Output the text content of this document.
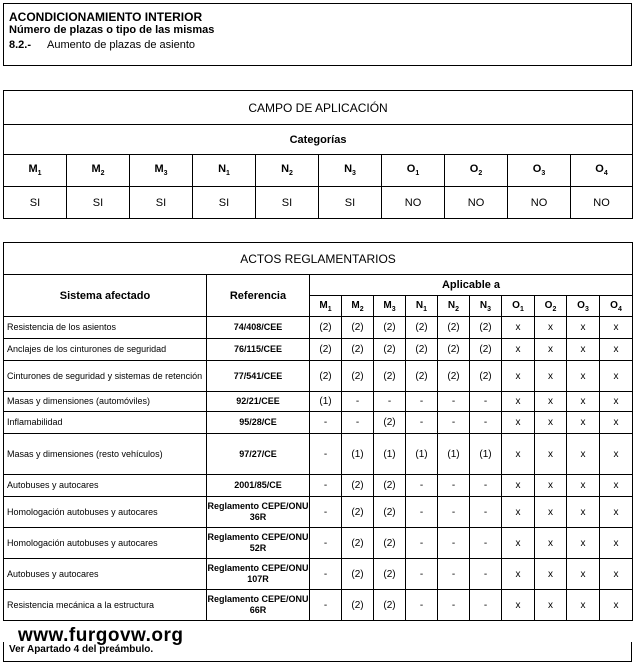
ACONDICIONAMIENTO INTERIOR
Número de plazas o tipo de las mismas
8.2.- Aumento de plazas de asiento
CAMPO DE APLICACIÓN									
Categorías									
$M_1$	$M_2$	$M_3$	$N_1$	$N_2$	$N_3$	$O_1$	$O_2$	$O_3$	$O_4$
SI	SI	SI	SI	SI	SI	NO	NO	NO	NO
ACTOS REGLAMENTARIOS											
Sistema afectado	Referencia	Aplicable a									
		$M_1$	$M_2$	$M_3$	$N_1$	$N_2$	$N_3$	$O_1$	$O_2$	$O_3$	$O_4$
Resistencia de los asientos	74/408/CEE	(2)	(2)	(2)	(2)	(2)	(2)	x	x	x	x
Anclajes de los cinturones de seguridad	76/115/CEE	(2)	(2)	(2)	(2)	(2)	(2)	x	x	x	x
Cinturones de seguridad y sistemas de retención	77/541/CEE	(2)	(2)	(2)	(2)	(2)	(2)	x	x	x	x
Masas y dimensiones (automóviles)	92/21/CEE	(1)	-	-	-	-	-	x	x	x	x
Inflamabilidad	95/28/CE	-	-	(2)	-	-	-	x	x	x	x
Masas y dimensiones (resto vehículos)	97/27/CE	-	(1)	(1)	(1)	(1)	(1)	x	x	x	x
Autobuses y autocares	2001/85/CE	-	(2)	(2)	-	-	-	x	x	x	x
Homologación autobuses y autocares	Reglamento CEPE/ONU 36R	-	(2)	(2)	-	-	-	x	x	x	x
Homologación autobuses y autocares	Reglamento CEPE/ONU 52R	-	(2)	(2)	-	-	-	x	x	x	x
Autobuses y autocares	Reglamento CEPE/ONU 107R	-	(2)	(2)	-	-	-	x	x	x	x
Resistencia mecánica a la estructura	Reglamento CEPE/ONU 66R	-	(2)	(2)	-	-	-	x	x	x	x
Ver Apartado 4 del preámbulo.
www.furgovw.org
